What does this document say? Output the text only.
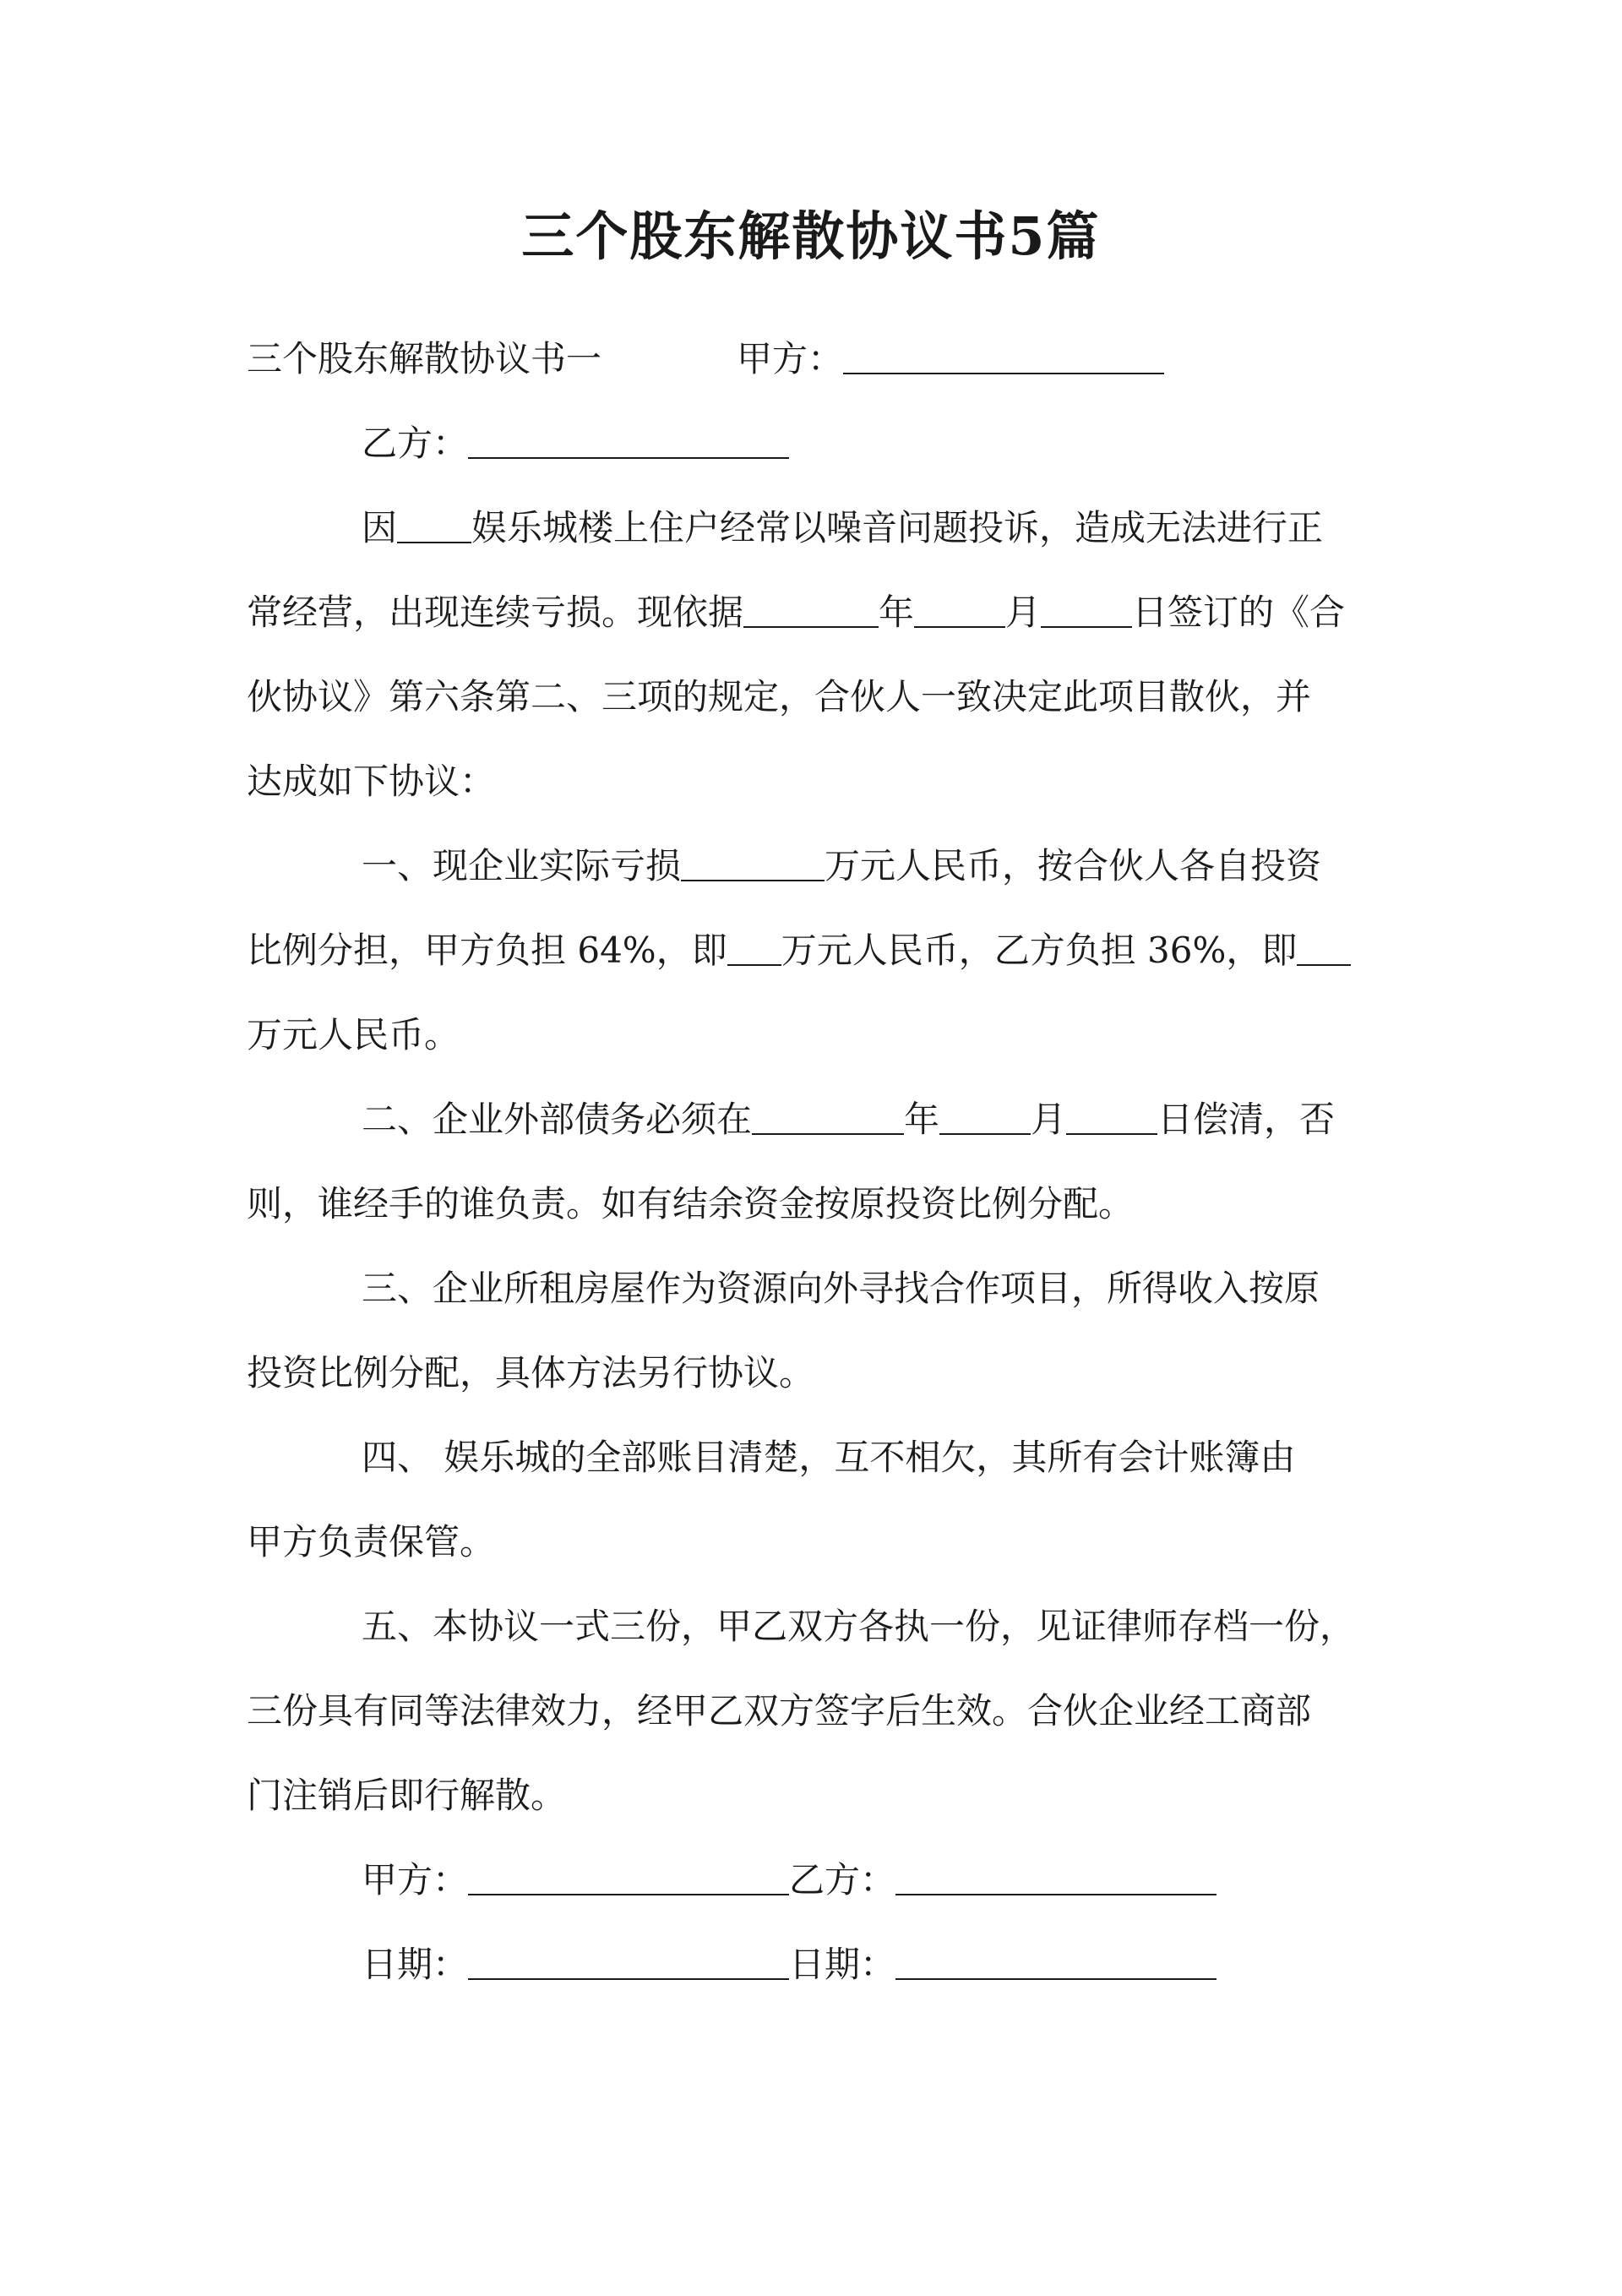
三个股东解散协议书5篇
三个股东解散协议书一	甲方：
乙方：
因 娱乐城楼上住户经常以噪音问题投诉，造成无法进行正
常经营，出现连续亏损。现依据	年	月	日签订的《合
伙协议》第六条第二、三项的规定，合伙人一致决定此项目散伙，并
达成如下协议：
一、现企业实际亏损	万元人民币，按合伙人各自投资
比例分担，甲方负担 64%，即 万元人民币，乙方负担 36%，即
万元人民币。
二、企业外部债务必须在	年	月	日偿清，否
则，谁经手的谁负责。如有结余资金按原投资比例分配。
三、企业所租房屋作为资源向外寻找合作项目，所得收入按原
投资比例分配，具体方法另行协议。
四、 娱乐城的全部账目清楚，互不相欠，其所有会计账簿由
甲方负责保管。
五、本协议一式三份，甲乙双方各执一份，见证律师存档一份，
三份具有同等法律效力，经甲乙双方签字后生效。合伙企业经工商部
门注销后即行解散。
甲方：	乙方：
日期：	日期：
